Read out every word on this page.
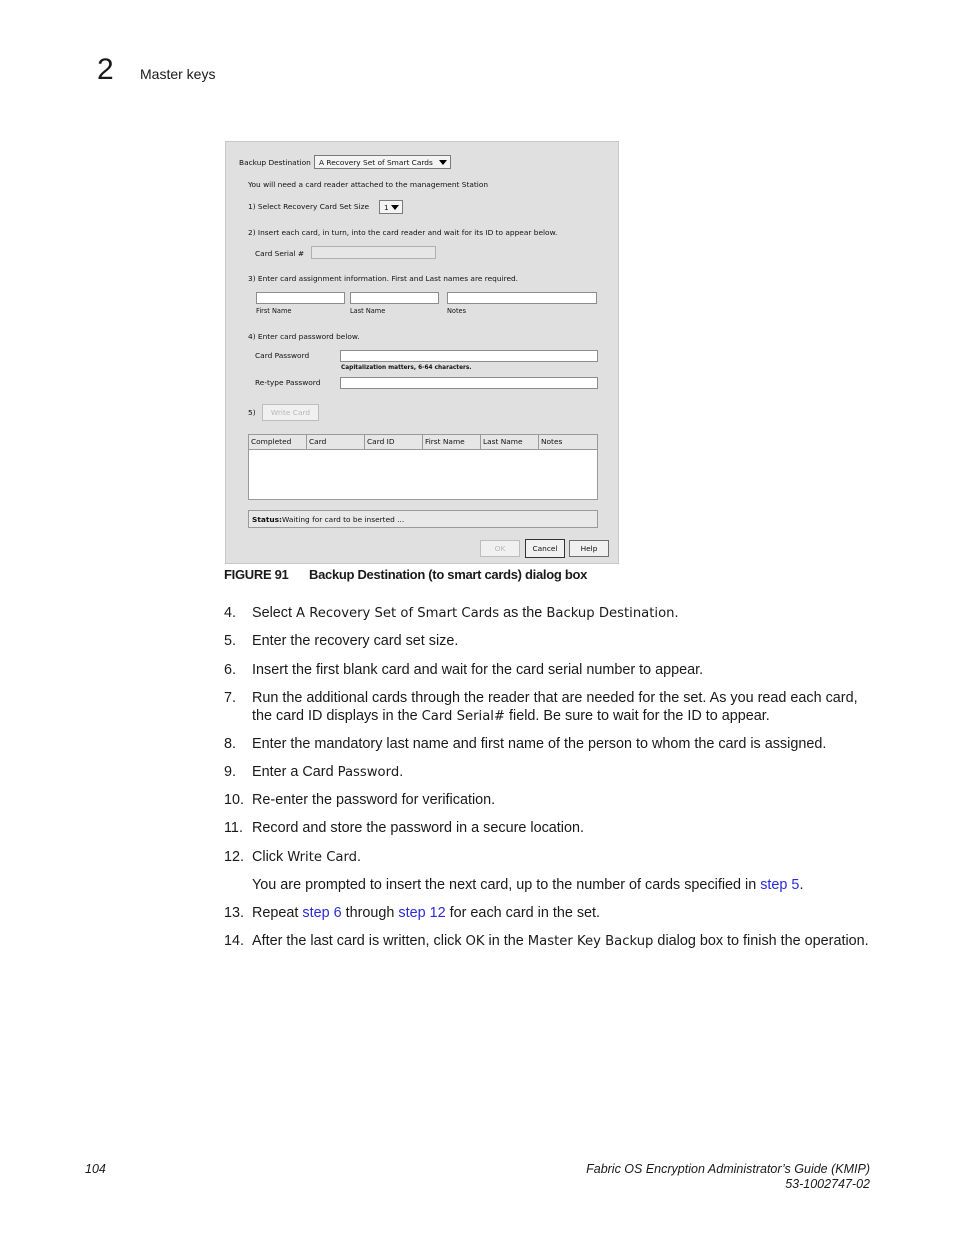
2 Master keys
Backup Destination A Recovery Set of Smart Cards
You will need a card reader attached to the management Station
1) Select Recovery Card Set Size 1
2) Insert each card, in turn, into the card reader and wait for its ID to appear below.
Card Serial #
3) Enter card assignment information. First and Last names are required.
First Name	Last Name	Notes
4) Enter card password below.
Card Password
Capitalization matters, 6-64 characters.
Re-type Password
5)	Write Card
Completed	Card	Card ID	First Name	Last Name	Notes
Status: Waiting for card to be inserted ...
OK	Cancel	Help
FIGURE 91 Backup Destination (to smart cards) dialog box
4. Select A Recovery Set of Smart Cards as the Backup Destination.
5. Enter the recovery card set size.
6. Insert the first blank card and wait for the card serial number to appear.
7. Run the additional cards through the reader that are needed for the set. As you read each card, the card ID displays in the Card Serial# field. Be sure to wait for the ID to appear.
8. Enter the mandatory last name and first name of the person to whom the card is assigned.
9. Enter a Card Password.
10. Re-enter the password for verification.
11. Record and store the password in a secure location.
12. Click Write Card.
You are prompted to insert the next card, up to the number of cards specified in step 5.
13. Repeat step 6 through step 12 for each card in the set.
14. After the last card is written, click OK in the Master Key Backup dialog box to finish the operation.
104	Fabric OS Encryption Administrator’s Guide (KMIP)
53-1002747-02
